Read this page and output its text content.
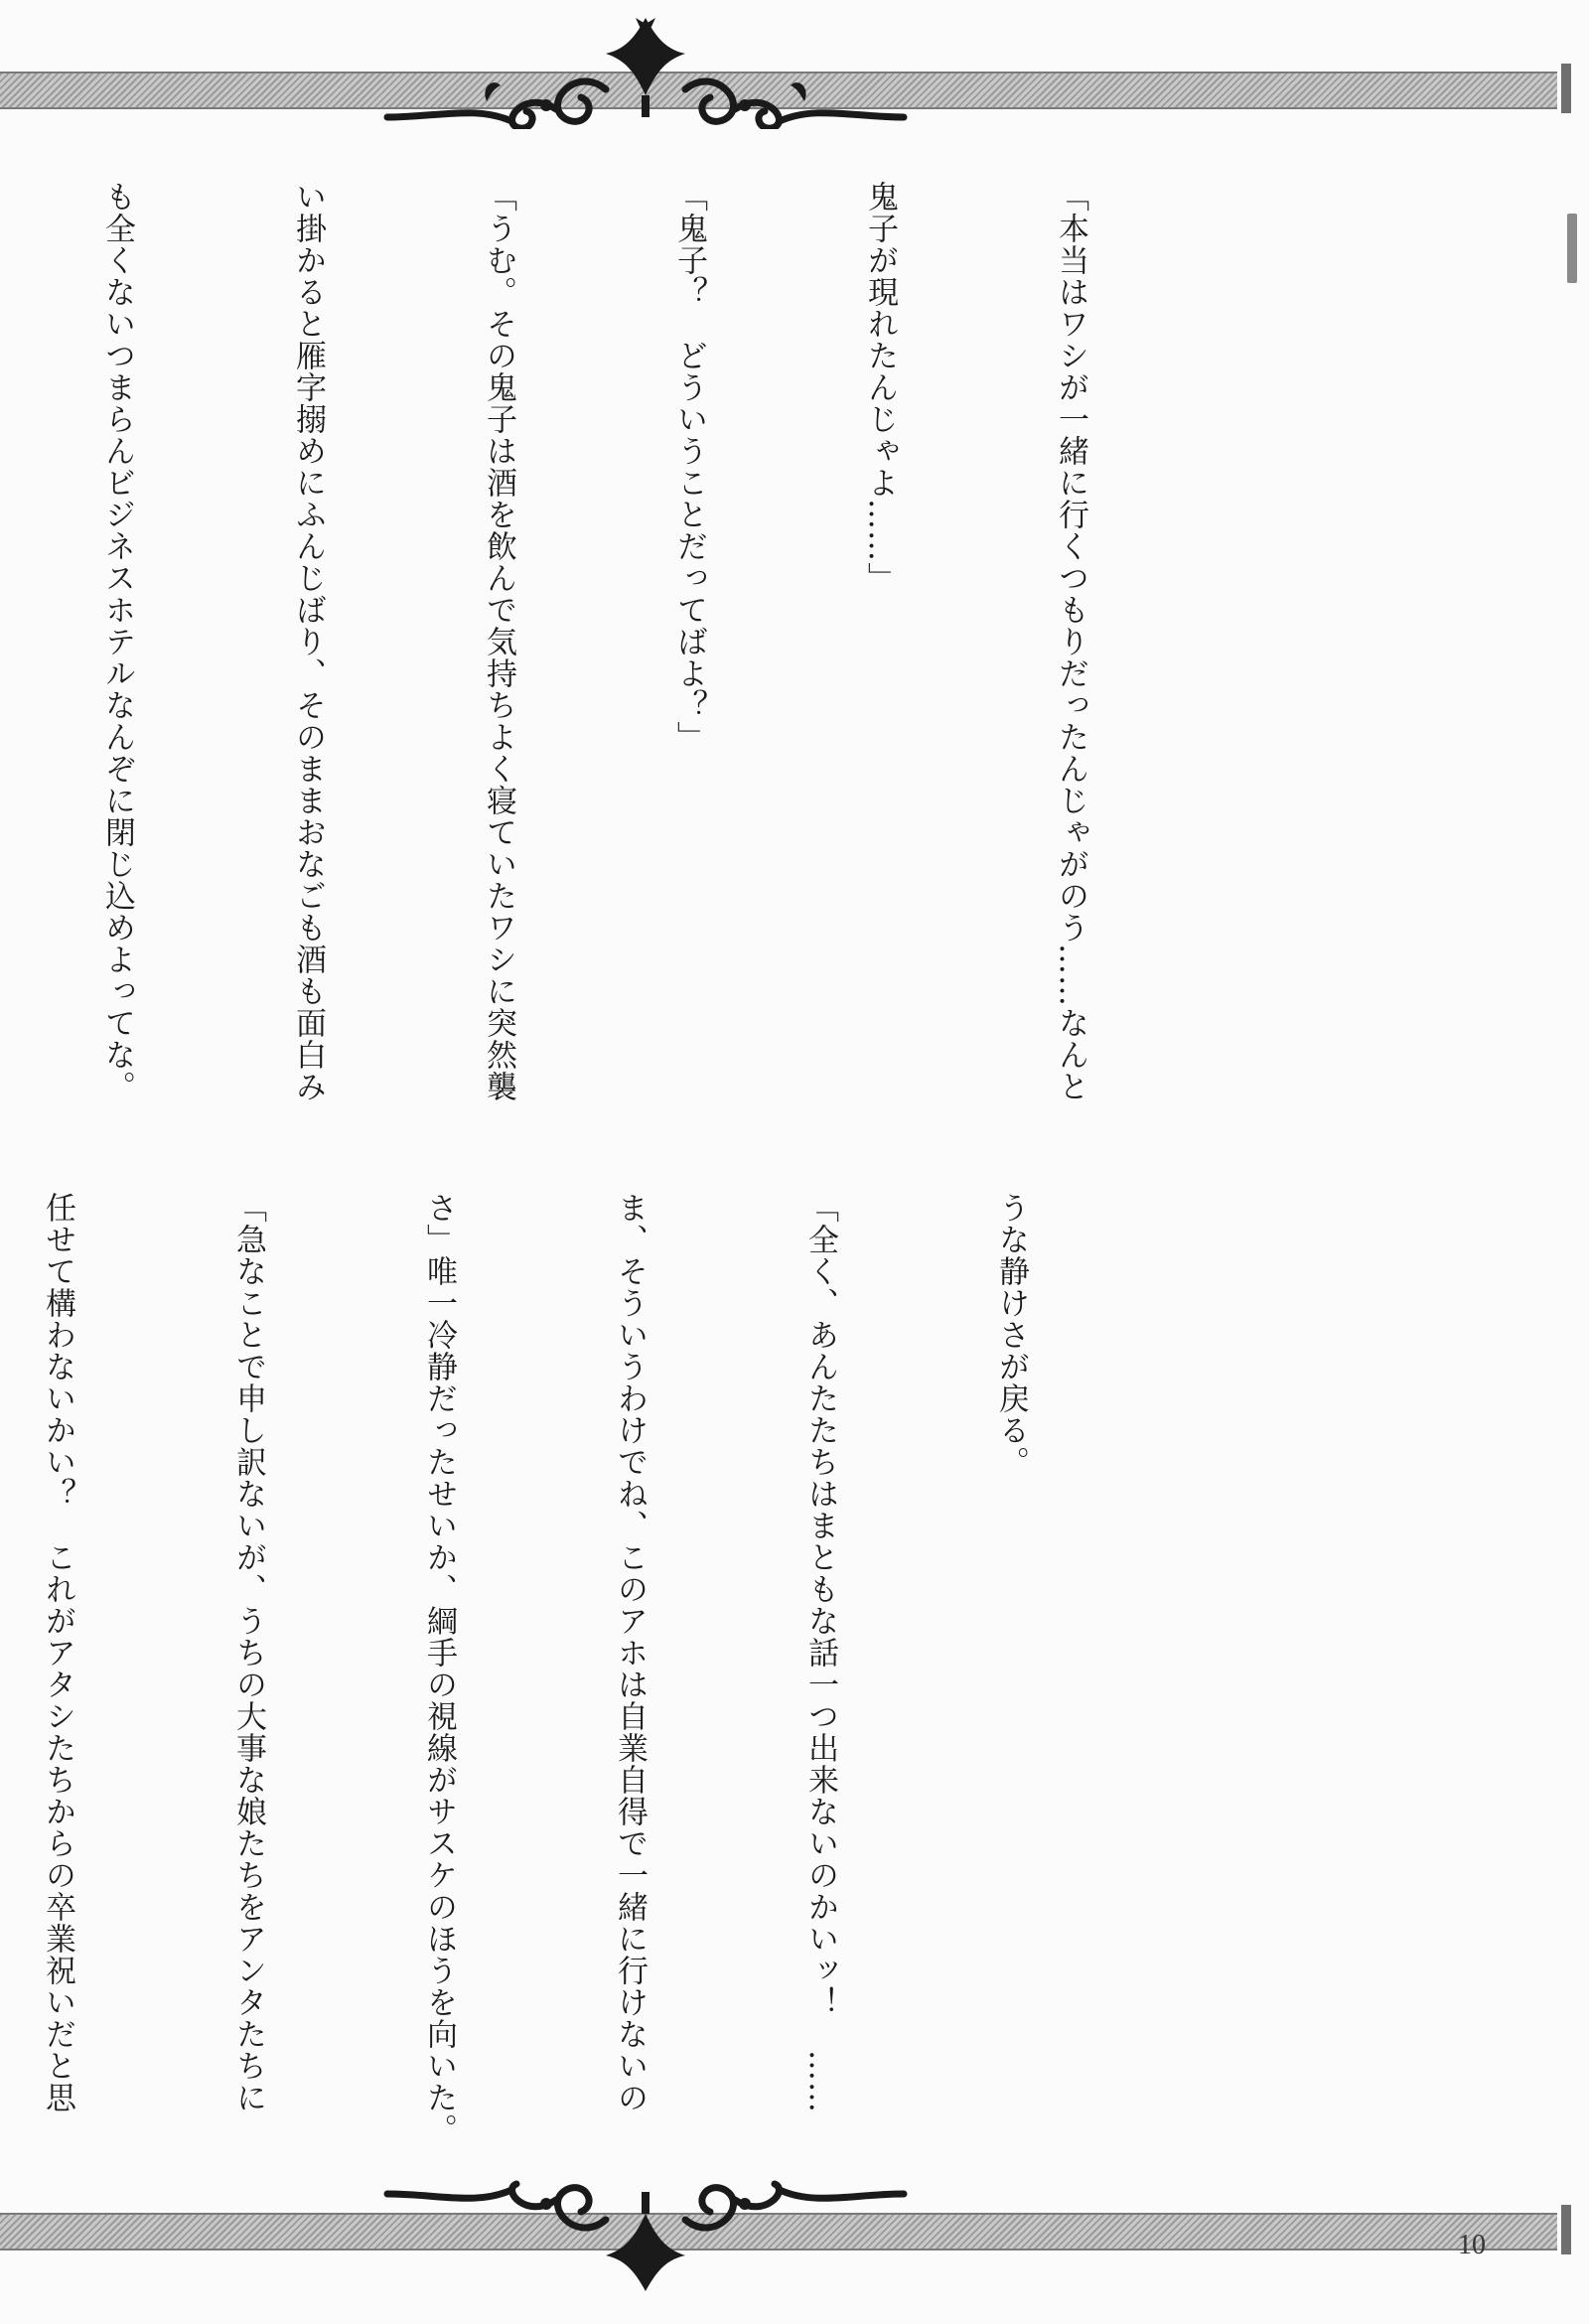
「本当はワシが一緒に行くつもりだったんじゃがのう……なんと

鬼子が現れたんじゃよ……」

「鬼子？　どういうことだってばよ？」

「うむ。その鬼子は酒を飲んで気持ちよく寝ていたワシに突然襲

い掛かると雁字搦めにふんじばり、そのままおなごも酒も面白み

も全くないつまらんビジネスホテルなんぞに閉じ込めよってな。

うな静けさが戻る。

「全く、あんたたちはまともな話一つ出来ないのかいッ！　……

ま、そういうわけでね、このアホは自業自得で一緒に行けないの

さ」唯一冷静だったせいか、綱手の視線がサスケのほうを向いた。

「急なことで申し訳ないが、うちの大事な娘たちをアンタたちに

任せて構わないかい？　これがアタシたちからの卒業祝いだと思

10
